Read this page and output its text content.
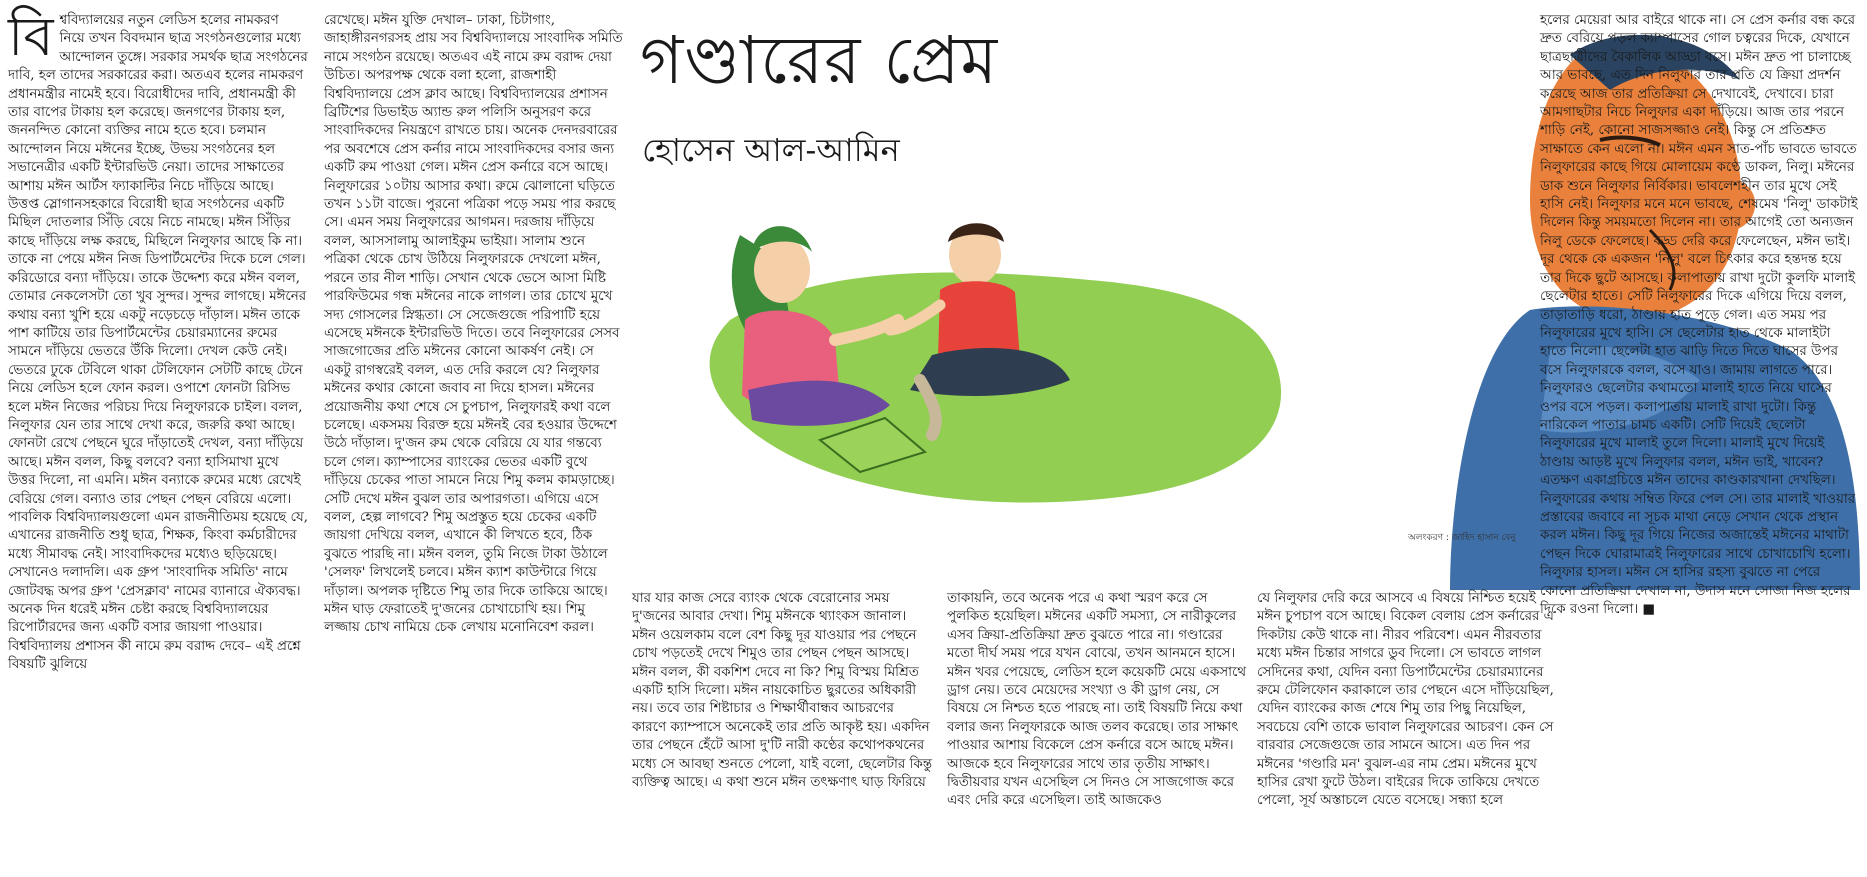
বিশ্ববিদ্যালয়ের নতুন লেডিস হলের নামকরণ নিয়ে তখন বিবদমান ছাত্র সংগঠনগুলোর মধ্যে আন্দোলন তুঙ্গে। সরকার সমর্থক ছাত্র সংগঠনের দাবি, হল তাদের সরকারের করা। অতএব হলের নামকরণ প্রধানমন্ত্রীর নামেই হবে। বিরোধীদের দাবি, প্রধানমন্ত্রী কী তার বাপের টাকায় হল করেছে। জনগণের টাকায় হল, জননন্দিত কোনো ব্যক্তির নামে হতে হবে। চলমান আন্দোলন নিয়ে মঈনের ইচ্ছে, উভয় সংগঠনের হল সভানেত্রীর একটি ইন্টারভিউ নেয়া। তাদের সাক্ষাতের আশায় মঈন আর্টস ফ্যাকাল্টির নিচে দাঁড়িয়ে আছে। উত্তপ্ত স্লোগানসহকারে বিরোধী ছাত্র সংগঠনের একটি মিছিল দোতলার সিঁড়ি বেয়ে নিচে নামছে। মঈন সিঁড়ির কাছে দাঁড়িয়ে লক্ষ করছে, মিছিলে নিলুফার আছে কি না। তাকে না পেয়ে মঈন নিজ ডিপার্টমেন্টের দিকে চলে গেল। করিডোরে বন্যা দাঁড়িয়ে। তাকে উদ্দেশ্য করে মঈন বলল, তোমার নেকলেসটা তো খুব সুন্দর। সুন্দর লাগছে। মঈনের কথায় বন্যা খুশি হয়ে একটু নড়েচড়ে দাঁড়াল। মঈন তাকে পাশ কাটিয়ে তার ডিপার্টমেন্টের চেয়ারম্যানের রুমের সামনে দাঁড়িয়ে ভেতরে উঁকি দিলো। দেখল কেউ নেই। ভেতরে ঢুকে টেবিলে থাকা টেলিফোন সেটটি কাছে টেনে নিয়ে লেডিস হলে ফোন করল। ওপাশে ফোনটা রিসিভ হলে মঈন নিজের পরিচয় দিয়ে নিলুফারকে চাইল। বলল, নিলুফার যেন তার সাথে দেখা করে, জরুরি কথা আছে। ফোনটা রেখে পেছনে ঘুরে দাঁড়াতেই দেখল, বন্যা দাঁড়িয়ে আছে। মঈন বলল, কিছু বলবে? বন্যা হাসিমাখা মুখে উত্তর দিলো, না এমনি। মঈন বন্যাকে রুমের মধ্যে রেখেই বেরিয়ে গেল। বন্যাও তার পেছন পেছন বেরিয়ে এলো। পাবলিক বিশ্ববিদ্যালয়গুলো এমন রাজনীতিময় হয়েছে যে, এখানের রাজনীতি শুধু ছাত্র, শিক্ষক, কিংবা কর্মচারীদের মধ্যে সীমাবদ্ধ নেই। সাংবাদিকদের মধ্যেও ছড়িয়েছে। সেখানেও দলাদলি। এক গ্রুপ 'সাংবাদিক সমিতি' নামে জোটবদ্ধ অপর গ্রুপ 'প্রেসক্লাব' নামের ব্যানারে ঐক্যবদ্ধ। অনেক দিন ধরেই মঈন চেষ্টা করছে বিশ্ববিদ্যালয়ের রিপোর্টারদের জন্য একটি বসার জায়গা পাওয়ার। বিশ্ববিদ্যালয় প্রশাসন কী নামে রুম বরাদ্দ দেবে– এই প্রশ্নে বিষয়টি ঝুলিয়ে

রেখেছে। মঈন যুক্তি দেখাল– ঢাকা, চিটাগাং, জাহাঙ্গীরনগরসহ প্রায় সব বিশ্ববিদ্যালয়ে সাংবাদিক সমিতি নামে সংগঠন রয়েছে। অতএব এই নামে রুম বরাদ্দ দেয়া উচিত। অপরপক্ষ থেকে বলা হলো, রাজশাহী বিশ্ববিদ্যালয়ে প্রেস ক্লাব আছে। বিশ্ববিদ্যালয়ের প্রশাসন ব্রিটিশের ডিভাইড অ্যান্ড রুল পলিসি অনুসরণ করে সাংবাদিকদের নিয়ন্ত্রণে রাখতে চায়। অনেক দেনদরবারের পর অবশেষে প্রেস কর্নার নামে সাংবাদিকদের বসার জন্য একটি রুম পাওয়া গেল। মঈন প্রেস কর্নারে বসে আছে। নিলুফারের ১০টায় আসার কথা। রুমে ঝোলানো ঘড়িতে তখন ১১টা বাজে। পুরনো পত্রিকা পড়ে সময় পার করছে সে। এমন সময় নিলুফারের আগমন। দরজায় দাঁড়িয়ে বলল, আসসালামু আলাইকুম ভাইয়া। সালাম শুনে পত্রিকা থেকে চোখ উঠিয়ে নিলুফারকে দেখলো মঈন, পরনে তার নীল শাড়ি। সেখান থেকে ভেসে আসা মিষ্টি পারফিউমের গন্ধ মঈনের নাকে লাগল। তার চোখে মুখে সদ্য গোসলের স্নিগ্ধতা। সে সেজেগুজে পরিপাটি হয়ে এসেছে মঈনকে ইন্টারভিউ দিতে। তবে নিলুফারের সেসব সাজগোজের প্রতি মঈনের কোনো আকর্ষণ নেই। সে একটু রাগস্বরেই বলল, এত দেরি করলে যে? নিলুফার মঈনের কথার কোনো জবাব না দিয়ে হাসল। মঈনের প্রয়োজনীয় কথা শেষে সে চুপচাপ, নিলুফারই কথা বলে চলেছে। একসময় বিরক্ত হয়ে মঈনই বের হওয়ার উদ্দেশে উঠে দাঁড়াল। দু'জন রুম থেকে বেরিয়ে যে যার গন্তব্যে চলে গেল। ক্যাম্পাসের ব্যাংকের ভেতর একটি বুথে দাঁড়িয়ে চেকের পাতা সামনে নিয়ে শিমু কলম কামড়াচ্ছে। সেটি দেখে মঈন বুঝল তার অপারগতা। এগিয়ে এসে বলল, হেল্প লাগবে? শিমু অপ্রস্তুত হয়ে চেকের একটি জায়গা দেখিয়ে বলল, এখানে কী লিখতে হবে, ঠিক বুঝতে পারছি না। মঈন বলল, তুমি নিজে টাকা উঠালে 'সেলফ' লিখলেই চলবে। মঈন ক্যাশ কাউন্টারে গিয়ে দাঁড়াল। অপলক দৃষ্টিতে শিমু তার দিকে তাকিয়ে আছে। মঈন ঘাড় ফেরাতেই দু'জনের চোখাচোখি হয়। শিমু লজ্জায় চোখ নামিয়ে চেক লেখায় মনোনিবেশ করল।

গণ্ডারের প্রেম
হোসেন আল-আমিন
অলংকরণ : জাহিদ হাসান বেনু

যার যার কাজ সেরে ব্যাংক থেকে বেরোনোর সময় দু'জনের আবার দেখা। শিমু মঈনকে থ্যাংকস জানাল। মঈন ওয়েলকাম বলে বেশ কিছু দূর যাওয়ার পর পেছনে চোখ পড়তেই দেখে শিমুও তার পেছন পেছন আসছে। মঈন বলল, কী বকশিশ দেবে না কি? শিমু বিস্ময় মিশ্রিত একটি হাসি দিলো। মঈন নায়কোচিত ছুরতের অধিকারী নয়। তবে তার শিষ্টাচার ও শিক্ষার্থীবান্ধব আচরণের কারণে ক্যাম্পাসে অনেকেই তার প্রতি আকৃষ্ট হয়। একদিন তার পেছনে হেঁটে আসা দু'টি নারী কণ্ঠের কথোপকথনের মধ্যে সে আবছা শুনতে পেলো, যাই বলো, ছেলেটার কিন্তু ব্যক্তিত্ব আছে। এ কথা শুনে মঈন তৎক্ষণাৎ ঘাড় ফিরিয়ে

তাকায়নি, তবে অনেক পরে এ কথা স্মরণ করে সে পুলকিত হয়েছিল। মঈনের একটি সমস্যা, সে নারীকুলের এসব ক্রিয়া-প্রতিক্রিয়া দ্রুত বুঝতে পারে না। গণ্ডারের মতো দীর্ঘ সময় পরে যখন বোঝে, তখন আনমনে হাসে। মঈন খবর পেয়েছে, লেডিস হলে কয়েকটি মেয়ে একসাথে ড্রাগ নেয়। তবে মেয়েদের সংখ্যা ও কী ড্রাগ নেয়, সে বিষয়ে সে নিশ্চত হতে পারছে না। তাই বিষয়টি নিয়ে কথা বলার জন্য নিলুফারকে আজ তলব করেছে। তার সাক্ষাৎ পাওয়ার আশায় বিকেলে প্রেস কর্নারে বসে আছে মঈন। আজকে হবে নিলুফারের সাথে তার তৃতীয় সাক্ষাৎ। দ্বিতীয়বার যখন এসেছিল সে দিনও সে সাজগোজ করে এবং দেরি করে এসেছিল। তাই আজকেও

যে নিলুফার দেরি করে আসবে এ বিষয়ে নিশ্চিত হয়েই মঈন চুপচাপ বসে আছে। বিকেল বেলায় প্রেস কর্নারের এ দিকটায় কেউ থাকে না। নীরব পরিবেশ। এমন নীরবতার মধ্যে মঈন চিন্তার সাগরে ডুব দিলো। সে ভাবতে লাগল সেদিনের কথা, যেদিন বন্যা ডিপার্টমেন্টের চেয়ারম্যানের রুমে টেলিফোন করাকালে তার পেছনে এসে দাঁড়িয়েছিল, যেদিন ব্যাংকের কাজ শেষে শিমু তার পিছু নিয়েছিল, সবচেয়ে বেশি তাকে ভাবাল নিলুফারের আচরণ। কেন সে বারবার সেজেগুজে তার সামনে আসে। এত দিন পর মঈনের 'গণ্ডারি মন' বুঝল-এর নাম প্রেম। মঈনের মুখে হাসির রেখা ফুটে উঠল। বাইরের দিকে তাকিয়ে দেখতে পেলো, সূর্য অস্তাচলে যেতে বসেছে। সন্ধ্যা হলে

হলের মেয়েরা আর বাইরে থাকে না। সে প্রেস কর্নার বন্ধ করে দ্রুত বেরিয়ে পড়ল ক্যাম্পাসের গোল চত্বরের দিকে, যেখানে ছাত্রছাত্রীদের বৈকালিক আড্ডা বসে। মঈন দ্রুত পা চালাচ্ছে আর ভাবছে, এত দিন নিলুফার তার প্রতি যে ক্রিয়া প্রদর্শন করেছে আজ তার প্রতিক্রিয়া সে দেখাবেই, দেখাবে। চারা আমগাছটার নিচে নিলুফার একা দাঁড়িয়ে। আজ তার পরনে শাড়ি নেই, কোনো সাজসজ্জাও নেই। কিন্তু সে প্রতিশ্রুত সাক্ষাতে কেন এলো না। মঈন এমন সাত-পাঁচ ভাবতে ভাবতে নিলুফারের কাছে গিয়ে মোলায়েম কণ্ঠে ডাকল, নিলু। মঈনের ডাক শুনে নিলুফার নির্বিকার। ভাবলেশহীন তার মুখে সেই হাসি নেই। নিলুফার মনে মনে ভাবছে, শেষমেষ 'নিলু' ডাকটাই দিলেন কিন্তু সময়মতো দিলেন না। তার আগেই তো অন্যজন নিলু ডেকে ফেলেছে। বড্ড দেরি করে ফেলেছেন, মঈন ভাই। দূর থেকে কে একজন 'নিলু' বলে চিৎকার করে হন্তদন্ত হয়ে তার দিকে ছুটে আসছে। কলাপাতায় রাখা দুটো কুলফি মালাই ছেলেটার হাতে। সেটি নিলুফারের দিকে এগিয়ে দিয়ে বলল, তাড়াতাড়ি ধরো, ঠাণ্ডায় হাত পুড়ে গেল। এত সময় পর নিলুফারের মুখে হাসি। সে ছেলেটার হাত থেকে মালাইটা হাতে নিলো। ছেলেটা হাত ঝাড়ি দিতে দিতে ঘাসের উপর বসে নিলুফারকে বলল, বসে যাও। জামায় লাগতে পারে। নিলুফারও ছেলেটার কথামতো মালাই হাতে নিয়ে ঘাসের ওপর বসে পড়ল। কলাপাতায় মালাই রাখা দুটো। কিন্তু নারিকেল পাতার চামচ একটি। সেটি দিয়েই ছেলেটা নিলুফারের মুখে মালাই তুলে দিলো। মালাই মুখে দিয়েই ঠাণ্ডায় আড়ষ্ট মুখে নিলুফার বলল, মঈন ভাই, খাবেন? এতক্ষণ একাগ্রচিত্তে মঈন তাদের কাণ্ডকারখানা দেখছিল। নিলুফারের কথায় সম্বিত ফিরে পেল সে। তার মালাই খাওয়ার প্রস্তাবের জবাবে না সূচক মাথা নেড়ে সেখান থেকে প্রস্থান করল মঈন। কিছু দূর গিয়ে নিজের অজান্তেই মঈনের মাথাটা পেছন দিকে ঘোরামাত্রই নিলুফারের সাথে চোখাচোখি হলো। নিলুফার হাসল। মঈন সে হাসির রহস্য বুঝতে না পেরে কোনো প্রতিক্রিয়া দেখাল না, উদাস মনে সোজা নিজ হলের দিকে রওনা দিলো। ■
